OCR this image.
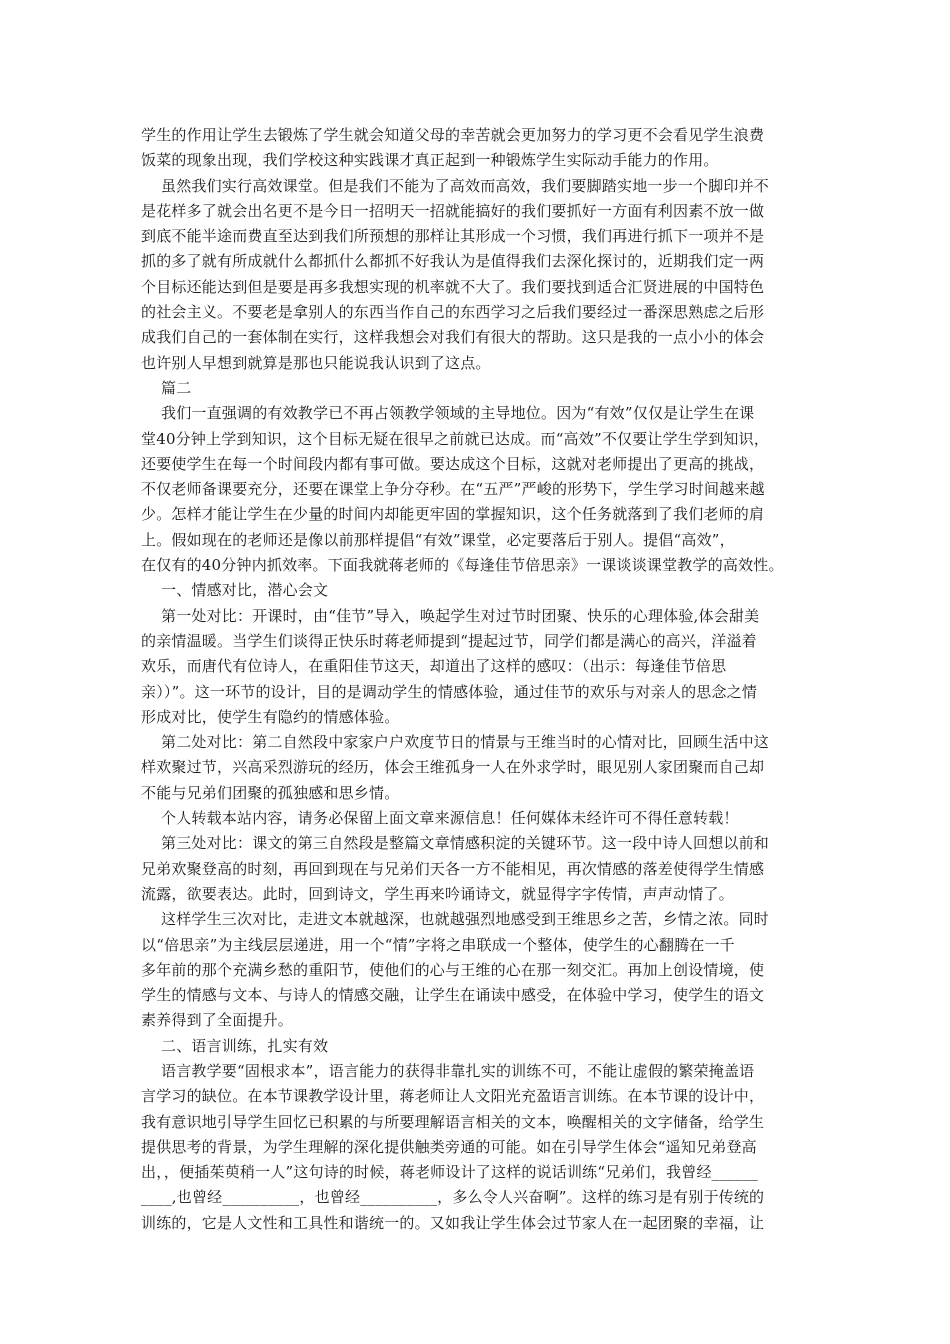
学生的作用让学生去锻炼了学生就会知道父母的幸苦就会更加努力的学习更不会看见学生浪费
饭菜的现象出现，我们学校这种实践课才真正起到一种锻炼学生实际动手能力的作用。
虽然我们实行高效课堂。但是我们不能为了高效而高效，我们要脚踏实地一步一个脚印并不
是花样多了就会出名更不是今日一招明天一招就能搞好的我们要抓好一方面有利因素不放一做
到底不能半途而费直至达到我们所预想的那样让其形成一个习惯，我们再进行抓下一项并不是
抓的多了就有所成就什么都抓什么都抓不好我认为是值得我们去深化探讨的，近期我们定一两
个目标还能达到但是要是再多我想实现的机率就不大了。我们要找到适合汇贤进展的中国特色
的社会主义。不要老是拿别人的东西当作自己的东西学习之后我们要经过一番深思熟虑之后形
成我们自己的一套体制在实行，这样我想会对我们有很大的帮助。这只是我的一点小小的体会
也许别人早想到就算是那也只能说我认识到了这点。
篇二
我们一直强调的有效教学已不再占领教学领域的主导地位。因为“有效”仅仅是让学生在课
堂40分钟上学到知识，这个目标无疑在很早之前就已达成。而“高效”不仅要让学生学到知识，
还要使学生在每一个时间段内都有事可做。要达成这个目标，这就对老师提出了更高的挑战，
不仅老师备课要充分，还要在课堂上争分夺秒。在“五严”严峻的形势下，学生学习时间越来越
少。怎样才能让学生在少量的时间内却能更牢固的掌握知识，这个任务就落到了我们老师的肩
上。假如现在的老师还是像以前那样提倡“有效”课堂，必定要落后于别人。提倡“高效”，
在仅有的40分钟内抓效率。下面我就蒋老师的《每逢佳节倍思亲》一课谈谈课堂教学的高效性。
一、情感对比，潜心会文
第一处对比：开课时，由“佳节”导入，唤起学生对过节时团聚、快乐的心理体验,体会甜美
的亲情温暖。当学生们谈得正快乐时蒋老师提到“提起过节，同学们都是满心的高兴，洋溢着
欢乐，而唐代有位诗人，在重阳佳节这天，却道出了这样的感叹：（出示：每逢佳节倍思
亲））”。这一环节的设计，目的是调动学生的情感体验，通过佳节的欢乐与对亲人的思念之情
形成对比，使学生有隐约的情感体验。
第二处对比：第二自然段中家家户户欢度节日的情景与王维当时的心情对比，回顾生活中这
样欢聚过节，兴高采烈游玩的经历，体会王维孤身一人在外求学时，眼见别人家团聚而自己却
不能与兄弟们团聚的孤独感和思乡情。
个人转载本站内容，请务必保留上面文章来源信息！任何媒体未经许可不得任意转载！
第三处对比：课文的第三自然段是整篇文章情感积淀的关键环节。这一段中诗人回想以前和
兄弟欢聚登高的时刻，再回到现在与兄弟们天各一方不能相见，再次情感的落差使得学生情感
流露，欲要表达。此时，回到诗文，学生再来吟诵诗文，就显得字字传情，声声动情了。
这样学生三次对比，走进文本就越深，也就越强烈地感受到王维思乡之苦，乡情之浓。同时
以“倍思亲”为主线层层递进，用一个“情”字将之串联成一个整体，使学生的心翻腾在一千
多年前的那个充满乡愁的重阳节，使他们的心与王维的心在那一刻交汇。再加上创设情境，使
学生的情感与文本、与诗人的情感交融，让学生在诵读中感受，在体验中学习，使学生的语文
素养得到了全面提升。
二、语言训练，扎实有效
语言教学要“固根求本”，语言能力的获得非靠扎实的训练不可，不能让虚假的繁荣掩盖语
言学习的缺位。在本节课教学设计里，蒋老师让人文阳光充盈语言训练。在本节课的设计中，
我有意识地引导学生回忆已积累的与所要理解语言相关的文本，唤醒相关的文字储备，给学生
提供思考的背景，为学生理解的深化提供触类旁通的可能。如在引导学生体会“遥知兄弟登高
出，，便插茱萸稍一人”这句诗的时候，蒋老师设计了这样的说话训练“兄弟们，我曾经______
____,也曾经__________，也曾经__________，多么令人兴奋啊”。这样的练习是有别于传统的
训练的，它是人文性和工具性和谐统一的。又如我让学生体会过节家人在一起团聚的幸福，让
